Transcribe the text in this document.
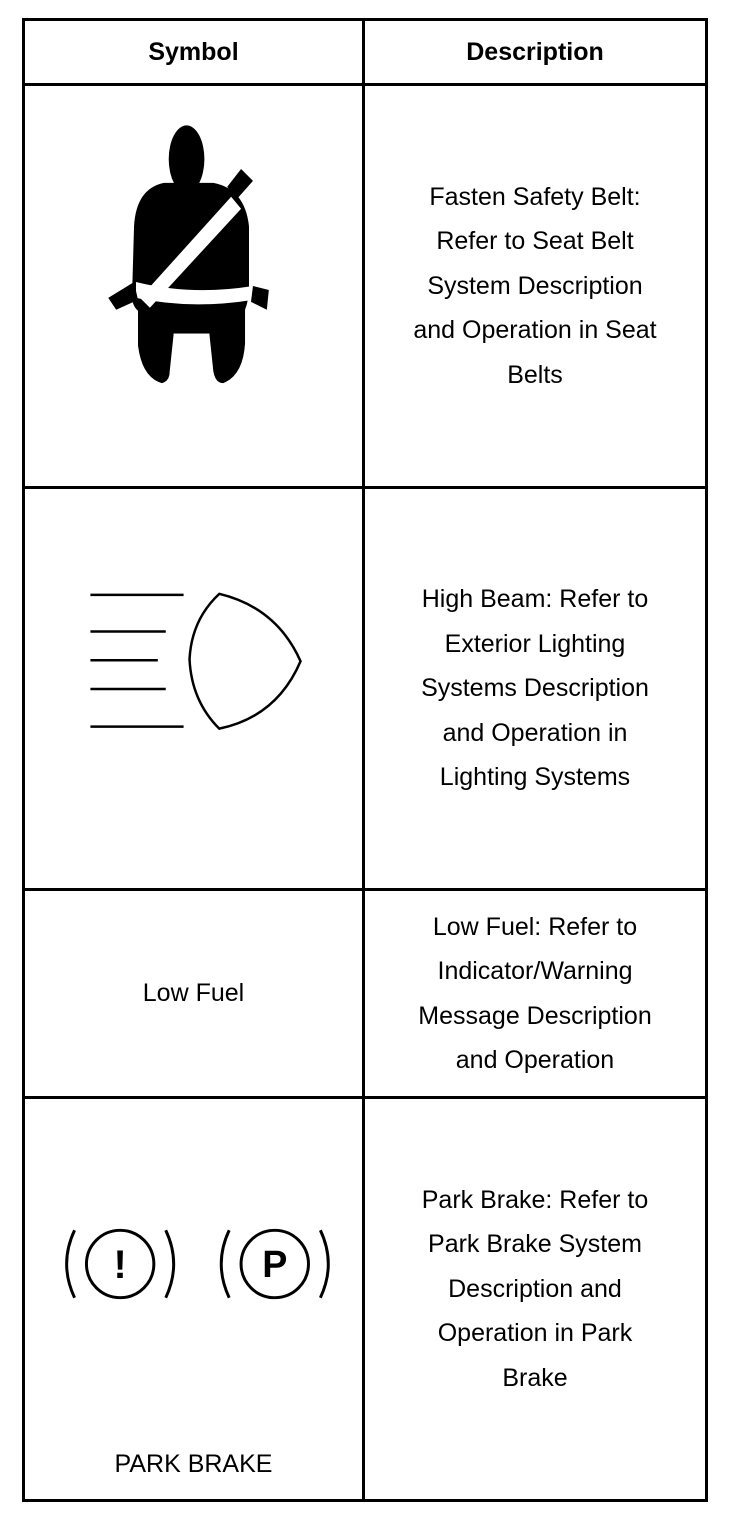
Symbol	Description
Fasten Safety Belt:
Refer to Seat Belt
System Description
and Operation in Seat
Belts
High Beam: Refer to
Exterior Lighting
Systems Description
and Operation in
Lighting Systems
Low Fuel
Low Fuel: Refer to
Indicator/Warning
Message Description
and Operation
!	P
PARK BRAKE
Park Brake: Refer to
Park Brake System
Description and
Operation in Park
Brake
